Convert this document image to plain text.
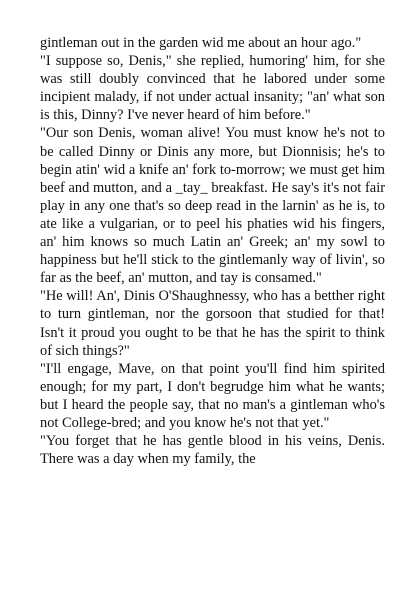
gintleman out in the garden wid me about an hour ago."

"I suppose so, Denis," she replied, humoring' him, for she was still doubly convinced that he labored under some incipient malady, if not under actual insanity; "an' what son is this, Dinny? I've never heard of him before."

"Our son Denis, woman alive! You must know he's not to be called Dinny or Dinis any more, but Dionnisis; he's to begin atin' wid a knife an' fork to-morrow; we must get him beef and mutton, and a _tay_ breakfast. He say's it's not fair play in any one that's so deep read in the larnin' as he is, to ate like a vulgarian, or to peel his phaties wid his fingers, an' him knows so much Latin an' Greek; an' my sowl to happiness but he'll stick to the gintlemanly way of livin', so far as the beef, an' mutton, and tay is consamed."

"He will! An', Dinis O'Shaughnessy, who has a betther right to turn gintleman, nor the gorsoon that studied for that! Isn't it proud you ought to be that he has the spirit to think of sich things?"

"I'll engage, Mave, on that point you'll find him spirited enough; for my part, I don't begrudge him what he wants; but I heard the people say, that no man's a gintleman who's not College-bred; and you know he's not that yet."

"You forget that he has gentle blood in his veins, Denis. There was a day when my family, the
